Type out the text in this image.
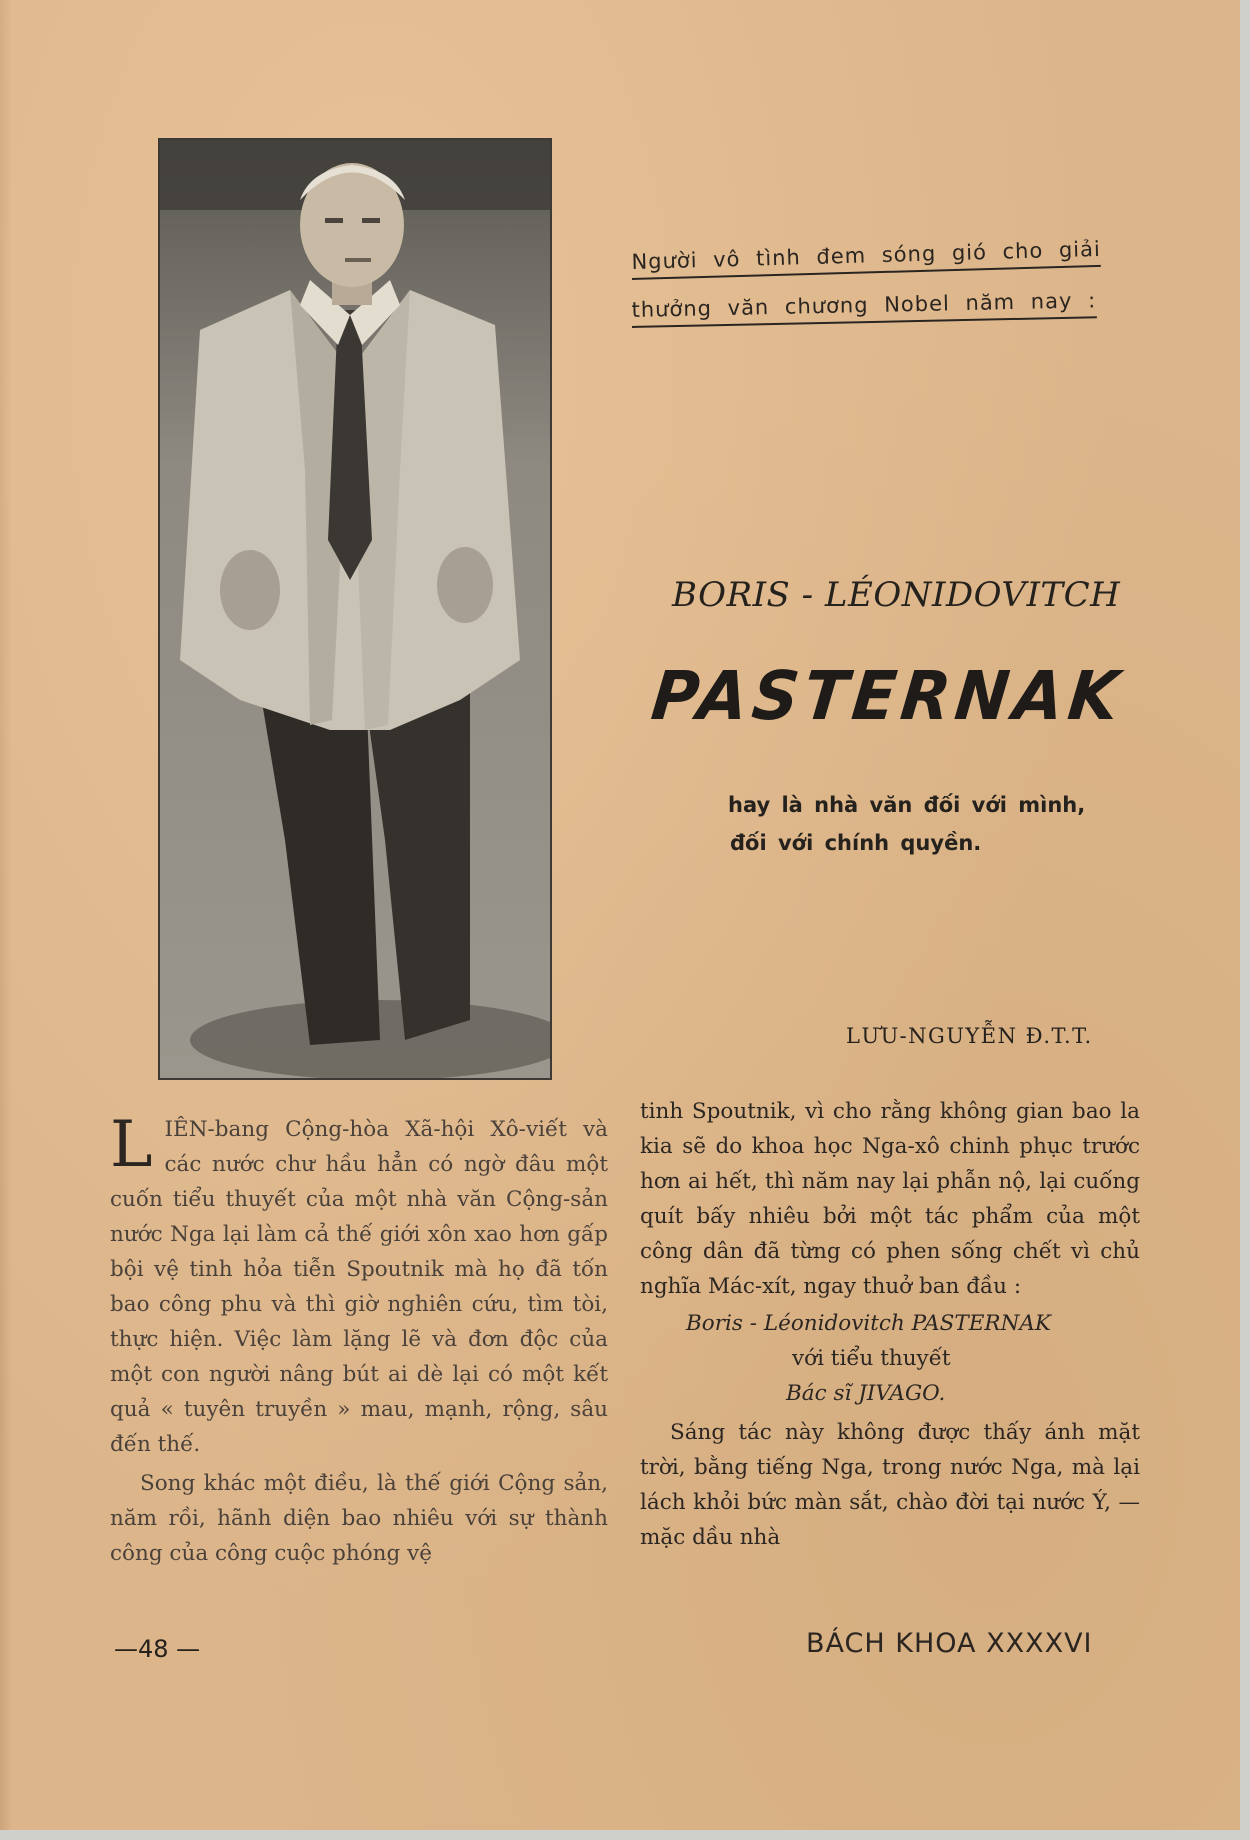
Người vô tình đem sóng gió cho giải
thưởng văn chương Nobel năm nay :
BORIS - LÉONIDOVITCH
PASTERNAK
hay là nhà văn đối với mình,
đối với chính quyền.
LƯU-NGUYỄN Đ.T.T.
L IÊN-bang Cộng-hòa Xã-hội Xô-viết và các nước chư hầu hẳn có ngờ đâu một cuốn tiểu thuyết của một nhà văn Cộng-sản nước Nga lại làm cả thế giới xôn xao hơn gấp bội vệ tinh hỏa tiễn Spoutnik mà họ đã tốn bao công phu và thì giờ nghiên cứu, tìm tòi, thực hiện. Việc làm lặng lẽ và đơn độc của một con người nâng bút ai dè lại có một kết quả « tuyên truyền » mau, mạnh, rộng, sâu đến thế.

Song khác một điều, là thế giới Cộng sản, năm rồi, hãnh diện bao nhiêu với sự thành công của công cuộc phóng vệ

tinh Spoutnik, vì cho rằng không gian bao la kia sẽ do khoa học Nga-xô chinh phục trước hơn ai hết, thì năm nay lại phẫn nộ, lại cuống quít bấy nhiêu bởi một tác phẩm của một công dân đã từng có phen sống chết vì chủ nghĩa Mác-xít, ngay thuở ban đầu :

Boris - Léonidovitch PASTERNAK
với tiểu thuyết
Bác sĩ JIVAGO.

Sáng tác này không được thấy ánh mặt trời, bằng tiếng Nga, trong nước Nga, mà lại lách khỏi bức màn sắt, chào đời tại nước Ý, — mặc dầu nhà

—48 —	BÁCH KHOA XXXXVI
